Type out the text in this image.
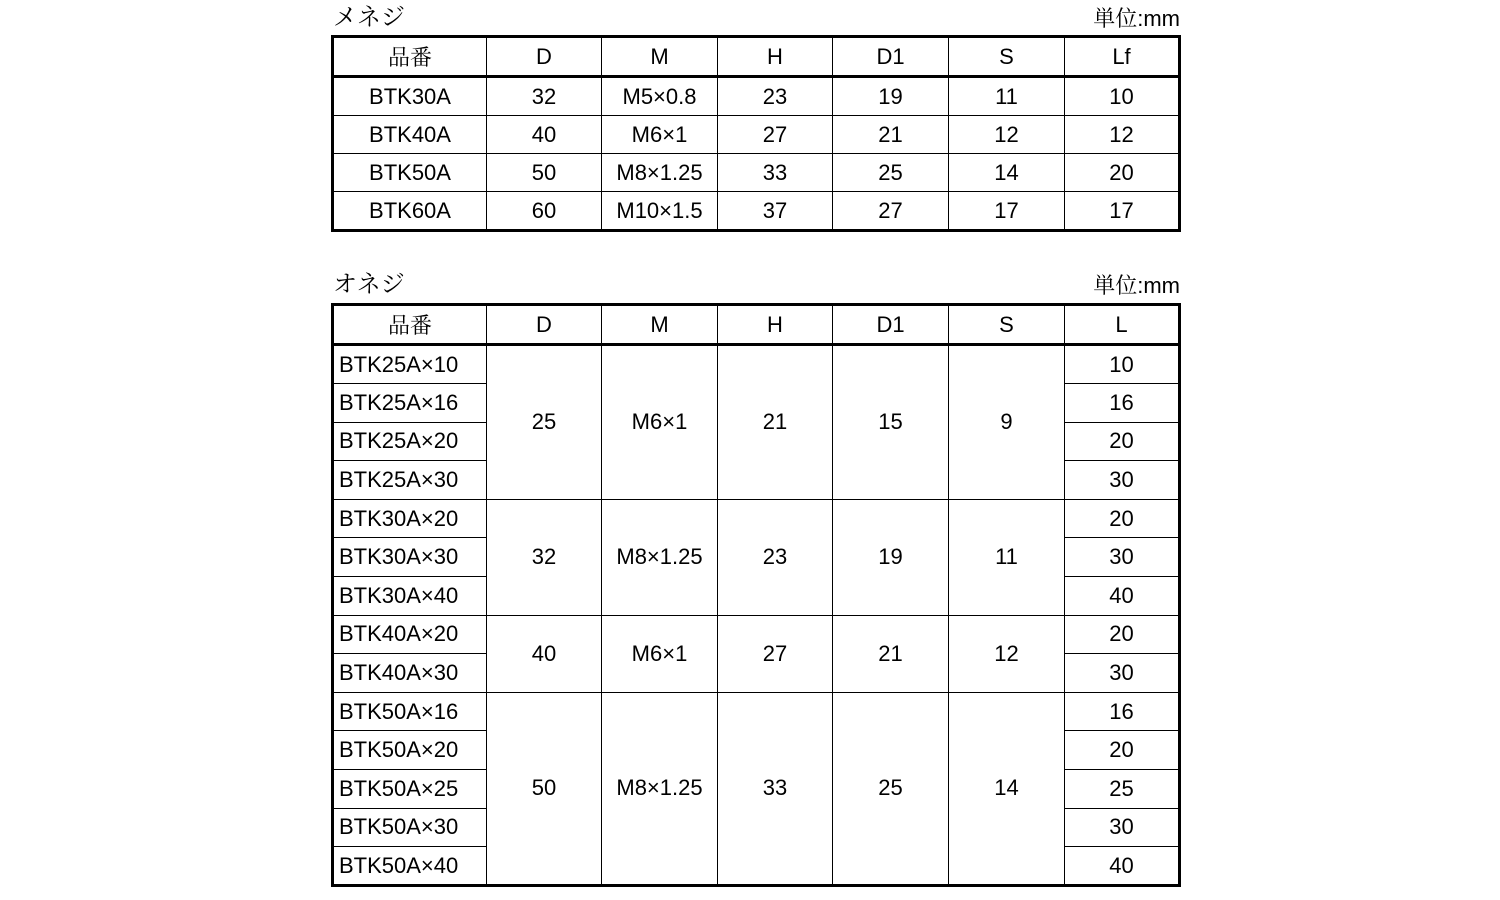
メネジ	単位:mm
品番	D	M	H	D1	S	Lf
BTK30A	32	M5×0.8	23	19	11	10
BTK40A	40	M6×1	27	21	12	12
BTK50A	50	M8×1.25	33	25	14	20
BTK60A	60	M10×1.5	37	27	17	17
オネジ	単位:mm
品番	D	M	H	D1	S	L
BTK25A×10	25	M6×1	21	15	9	10
BTK25A×16						16
BTK25A×20						20
BTK25A×30						30
BTK30A×20	32	M8×1.25	23	19	11	20
BTK30A×30						30
BTK30A×40						40
BTK40A×20	40	M6×1	27	21	12	20
BTK40A×30						30
BTK50A×16	50	M8×1.25	33	25	14	16
BTK50A×20						20
BTK50A×25						25
BTK50A×30						30
BTK50A×40						40
